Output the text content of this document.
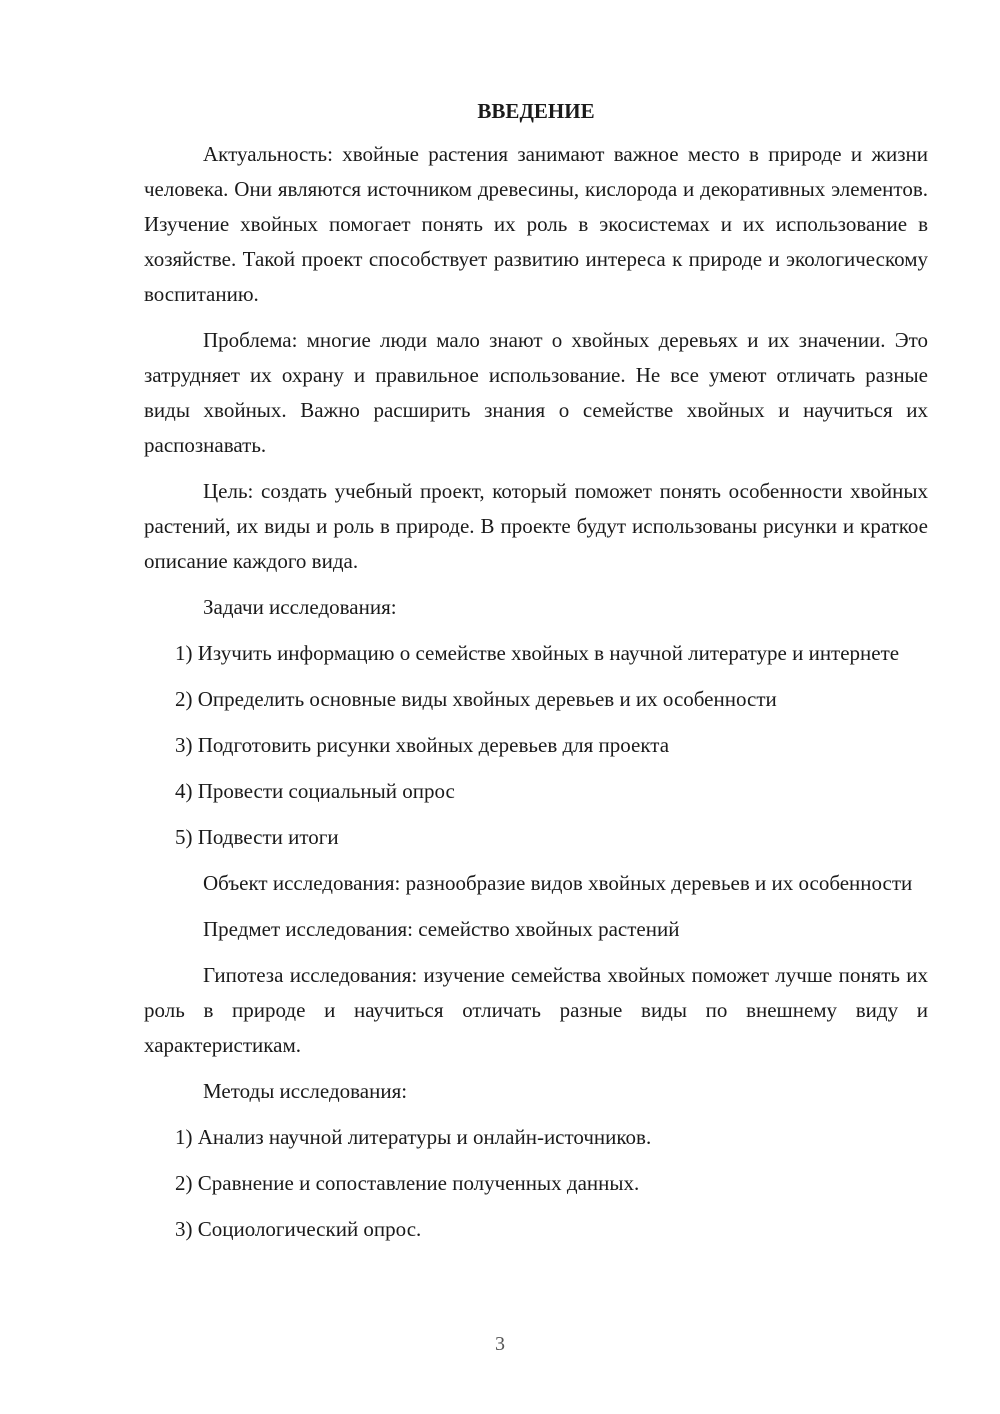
ВВЕДЕНИЕ

Актуальность: хвойные растения занимают важное место в природе и жизни человека. Они являются источником древесины, кислорода и декоративных элементов. Изучение хвойных помогает понять их роль в экосистемах и их использование в хозяйстве. Такой проект способствует развитию интереса к природе и экологическому воспитанию.

Проблема: многие люди мало знают о хвойных деревьях и их значении. Это затрудняет их охрану и правильное использование. Не все умеют отличать разные виды хвойных. Важно расширить знания о семействе хвойных и научиться их распознавать.

Цель: создать учебный проект, который поможет понять особенности хвойных растений, их виды и роль в природе. В проекте будут использованы рисунки и краткое описание каждого вида.

Задачи исследования:

1) Изучить информацию о семействе хвойных в научной литературе и интернете
2) Определить основные виды хвойных деревьев и их особенности
3) Подготовить рисунки хвойных деревьев для проекта
4) Провести социальный опрос
5) Подвести итоги

Объект исследования: разнообразие видов хвойных деревьев и их особенности

Предмет исследования: семейство хвойных растений

Гипотеза исследования: изучение семейства хвойных поможет лучше понять их роль в природе и научиться отличать разные виды по внешнему виду и характеристикам.

Методы исследования:

1) Анализ научной литературы и онлайн-источников.
2) Сравнение и сопоставление полученных данных.
3) Социологический опрос.
3
